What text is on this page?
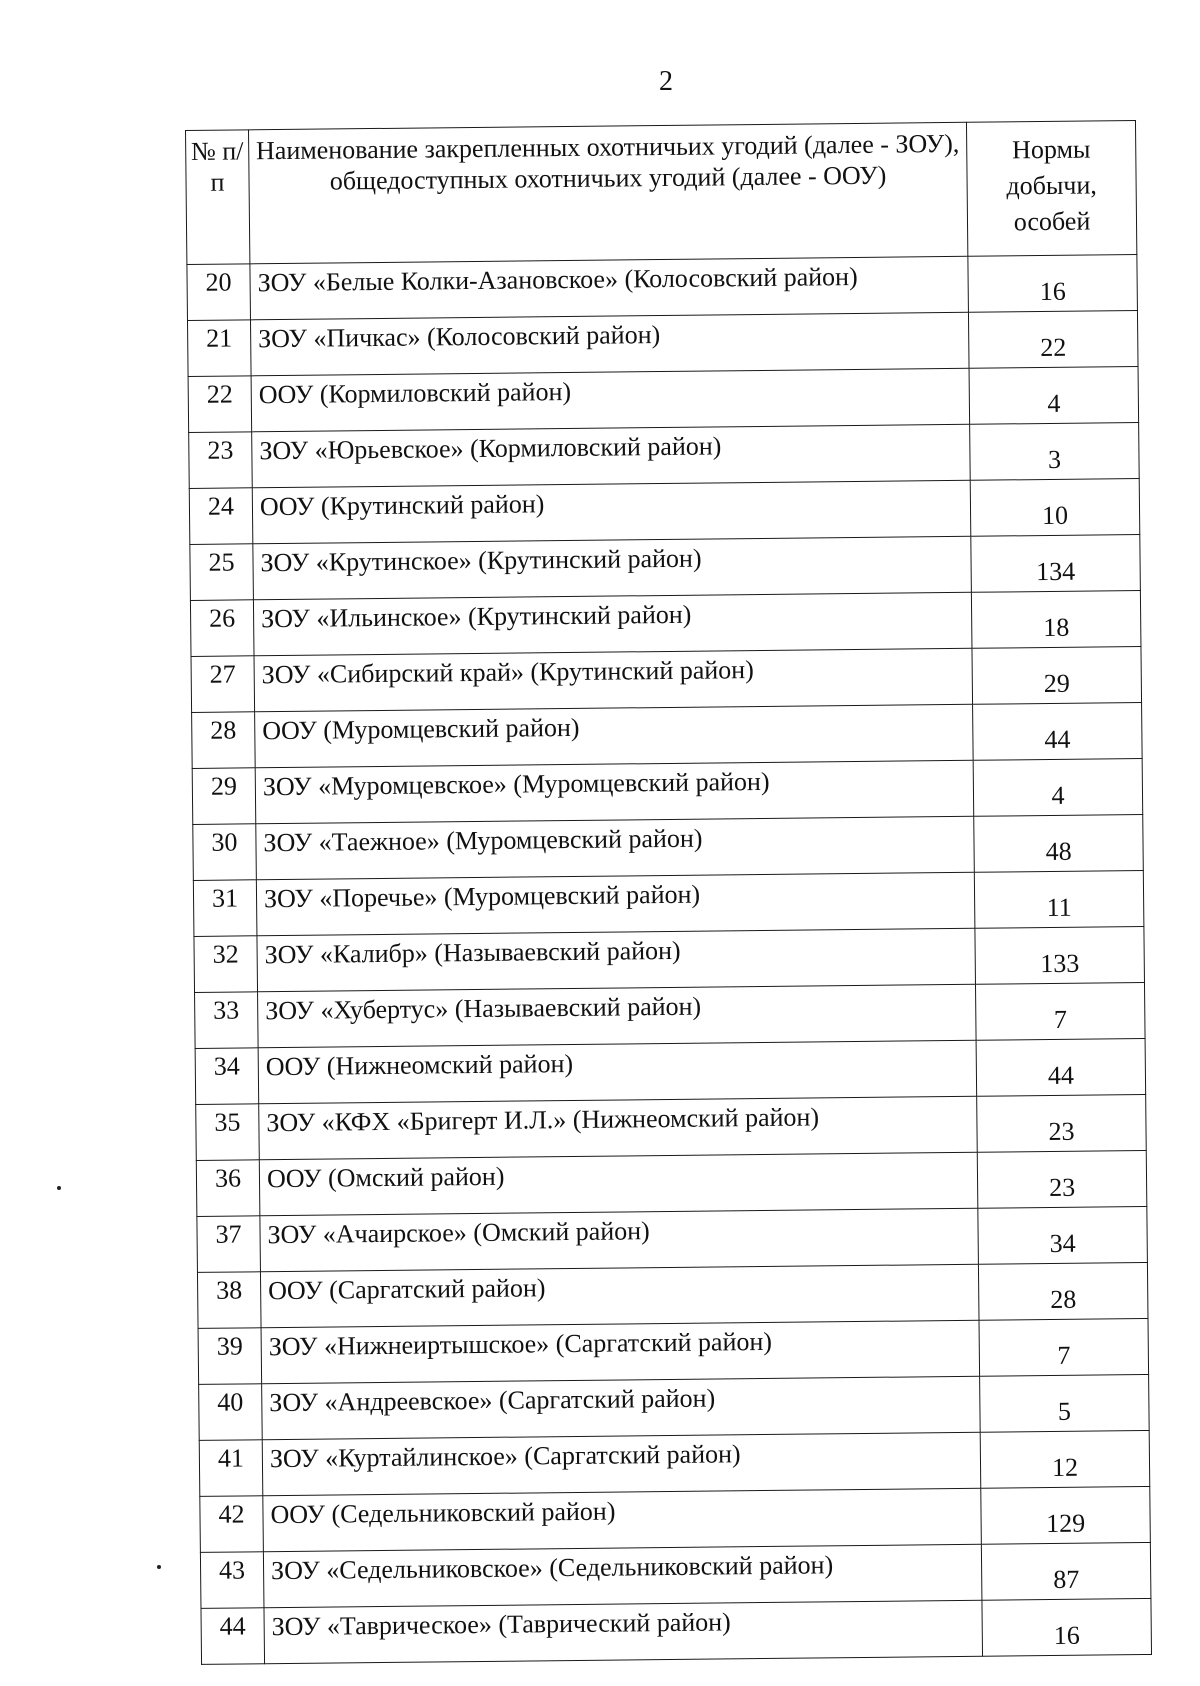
2
№ п/п	Наименование закрепленных охотничьих угодий (далее - ЗОУ), общедоступных охотничьих угодий (далее - ООУ)	Нормы добычи, особей
20	ЗОУ «Белые Колки-Азановское» (Колосовский район)	16
21	ЗОУ «Пичкас» (Колосовский район)	22
22	ООУ (Кормиловский район)	4
23	ЗОУ «Юрьевское» (Кормиловский район)	3
24	ООУ (Крутинский район)	10
25	ЗОУ «Крутинское» (Крутинский район)	134
26	ЗОУ «Ильинское» (Крутинский район)	18
27	ЗОУ «Сибирский край» (Крутинский район)	29
28	ООУ (Муромцевский район)	44
29	ЗОУ «Муромцевское» (Муромцевский район)	4
30	ЗОУ «Таежное» (Муромцевский район)	48
31	ЗОУ «Поречье» (Муромцевский район)	11
32	ЗОУ «Калибр» (Называевский район)	133
33	ЗОУ «Хубертус» (Называевский район)	7
34	ООУ (Нижнеомский район)	44
35	ЗОУ «КФХ «Бригерт И.Л.» (Нижнеомский район)	23
36	ООУ (Омский район)	23
37	ЗОУ «Ачаирское» (Омский район)	34
38	ООУ (Саргатский район)	28
39	ЗОУ «Нижнеиртышское» (Саргатский район)	7
40	ЗОУ «Андреевское» (Саргатский район)	5
41	ЗОУ «Куртайлинское» (Саргатский район)	12
42	ООУ (Седельниковский район)	129
43	ЗОУ «Седельниковское» (Седельниковский район)	87
44	ЗОУ «Таврическое» (Таврический район)	16
